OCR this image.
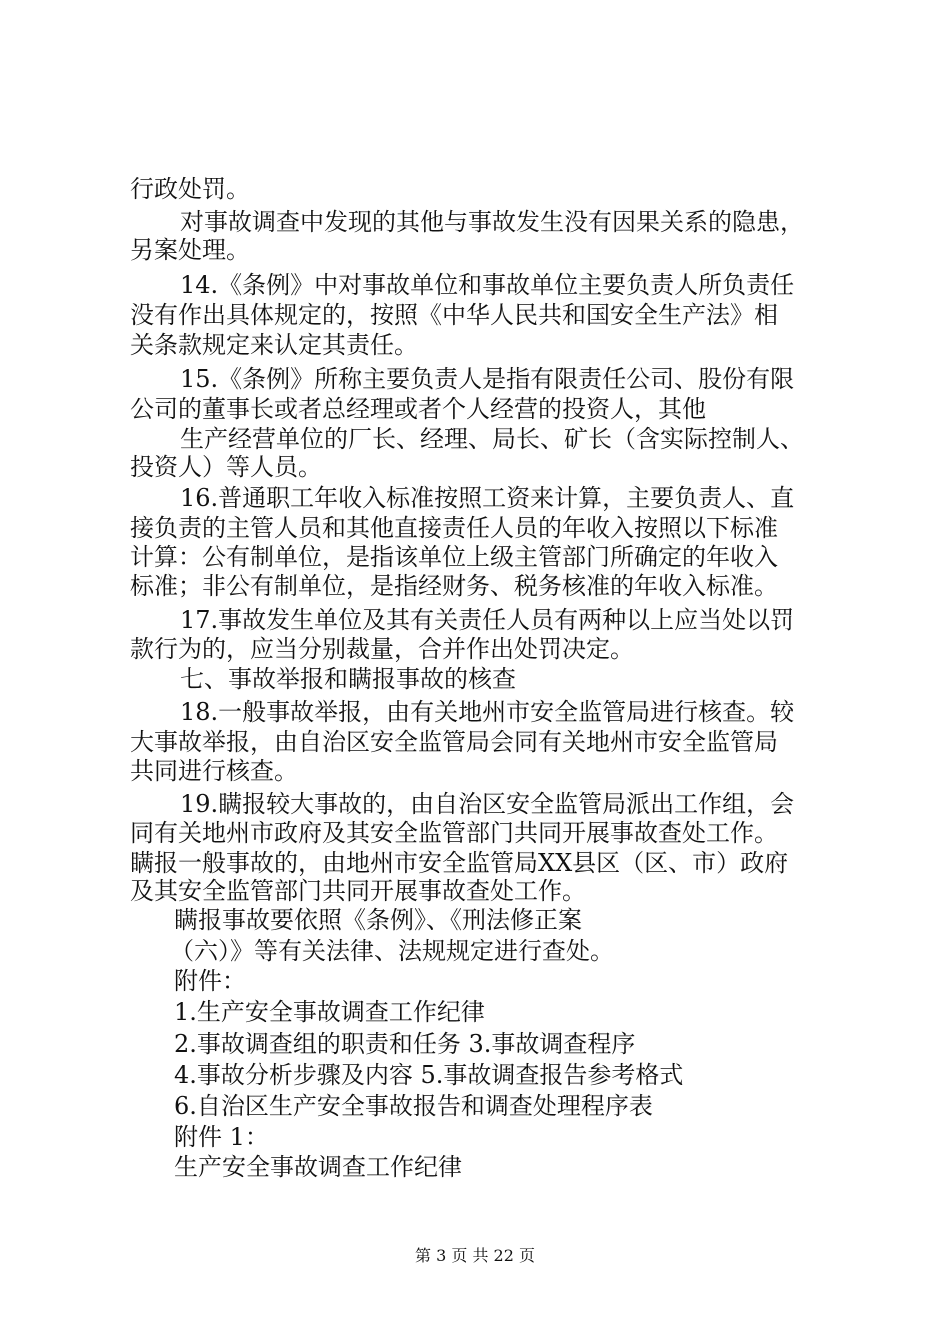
行政处罚。
对事故调查中发现的其他与事故发生没有因果关系的隐患，
另案处理。
14.《条例》中对事故单位和事故单位主要负责人所负责任
没有作出具体规定的，按照《中华人民共和国安全生产法》相
关条款规定来认定其责任。
15.《条例》所称主要负责人是指有限责任公司、股份有限
公司的董事长或者总经理或者个人经营的投资人，其他
生产经营单位的厂长、经理、局长、矿长（含实际控制人、
投资人）等人员。
16.普通职工年收入标准按照工资来计算，主要负责人、直
接负责的主管人员和其他直接责任人员的年收入按照以下标准
计算：公有制单位，是指该单位上级主管部门所确定的年收入
标准；非公有制单位，是指经财务、税务核准的年收入标准。
17.事故发生单位及其有关责任人员有两种以上应当处以罚
款行为的，应当分别裁量，合并作出处罚决定。
七、事故举报和瞒报事故的核查
18.一般事故举报，由有关地州市安全监管局进行核查。较
大事故举报，由自治区安全监管局会同有关地州市安全监管局
共同进行核查。
19.瞒报较大事故的，由自治区安全监管局派出工作组，会
同有关地州市政府及其安全监管部门共同开展事故查处工作。
瞒报一般事故的，由地州市安全监管局XX县区（区、市）政府
及其安全监管部门共同开展事故查处工作。
瞒报事故要依照《条例》、《刑法修正案
（六）》等有关法律、法规规定进行查处。
附件：
1.生产安全事故调查工作纪律
2.事故调查组的职责和任务 3.事故调查程序
4.事故分析步骤及内容 5.事故调查报告参考格式
6.自治区生产安全事故报告和调查处理程序表
附件 1：
生产安全事故调查工作纪律
第 3 页 共 22 页
